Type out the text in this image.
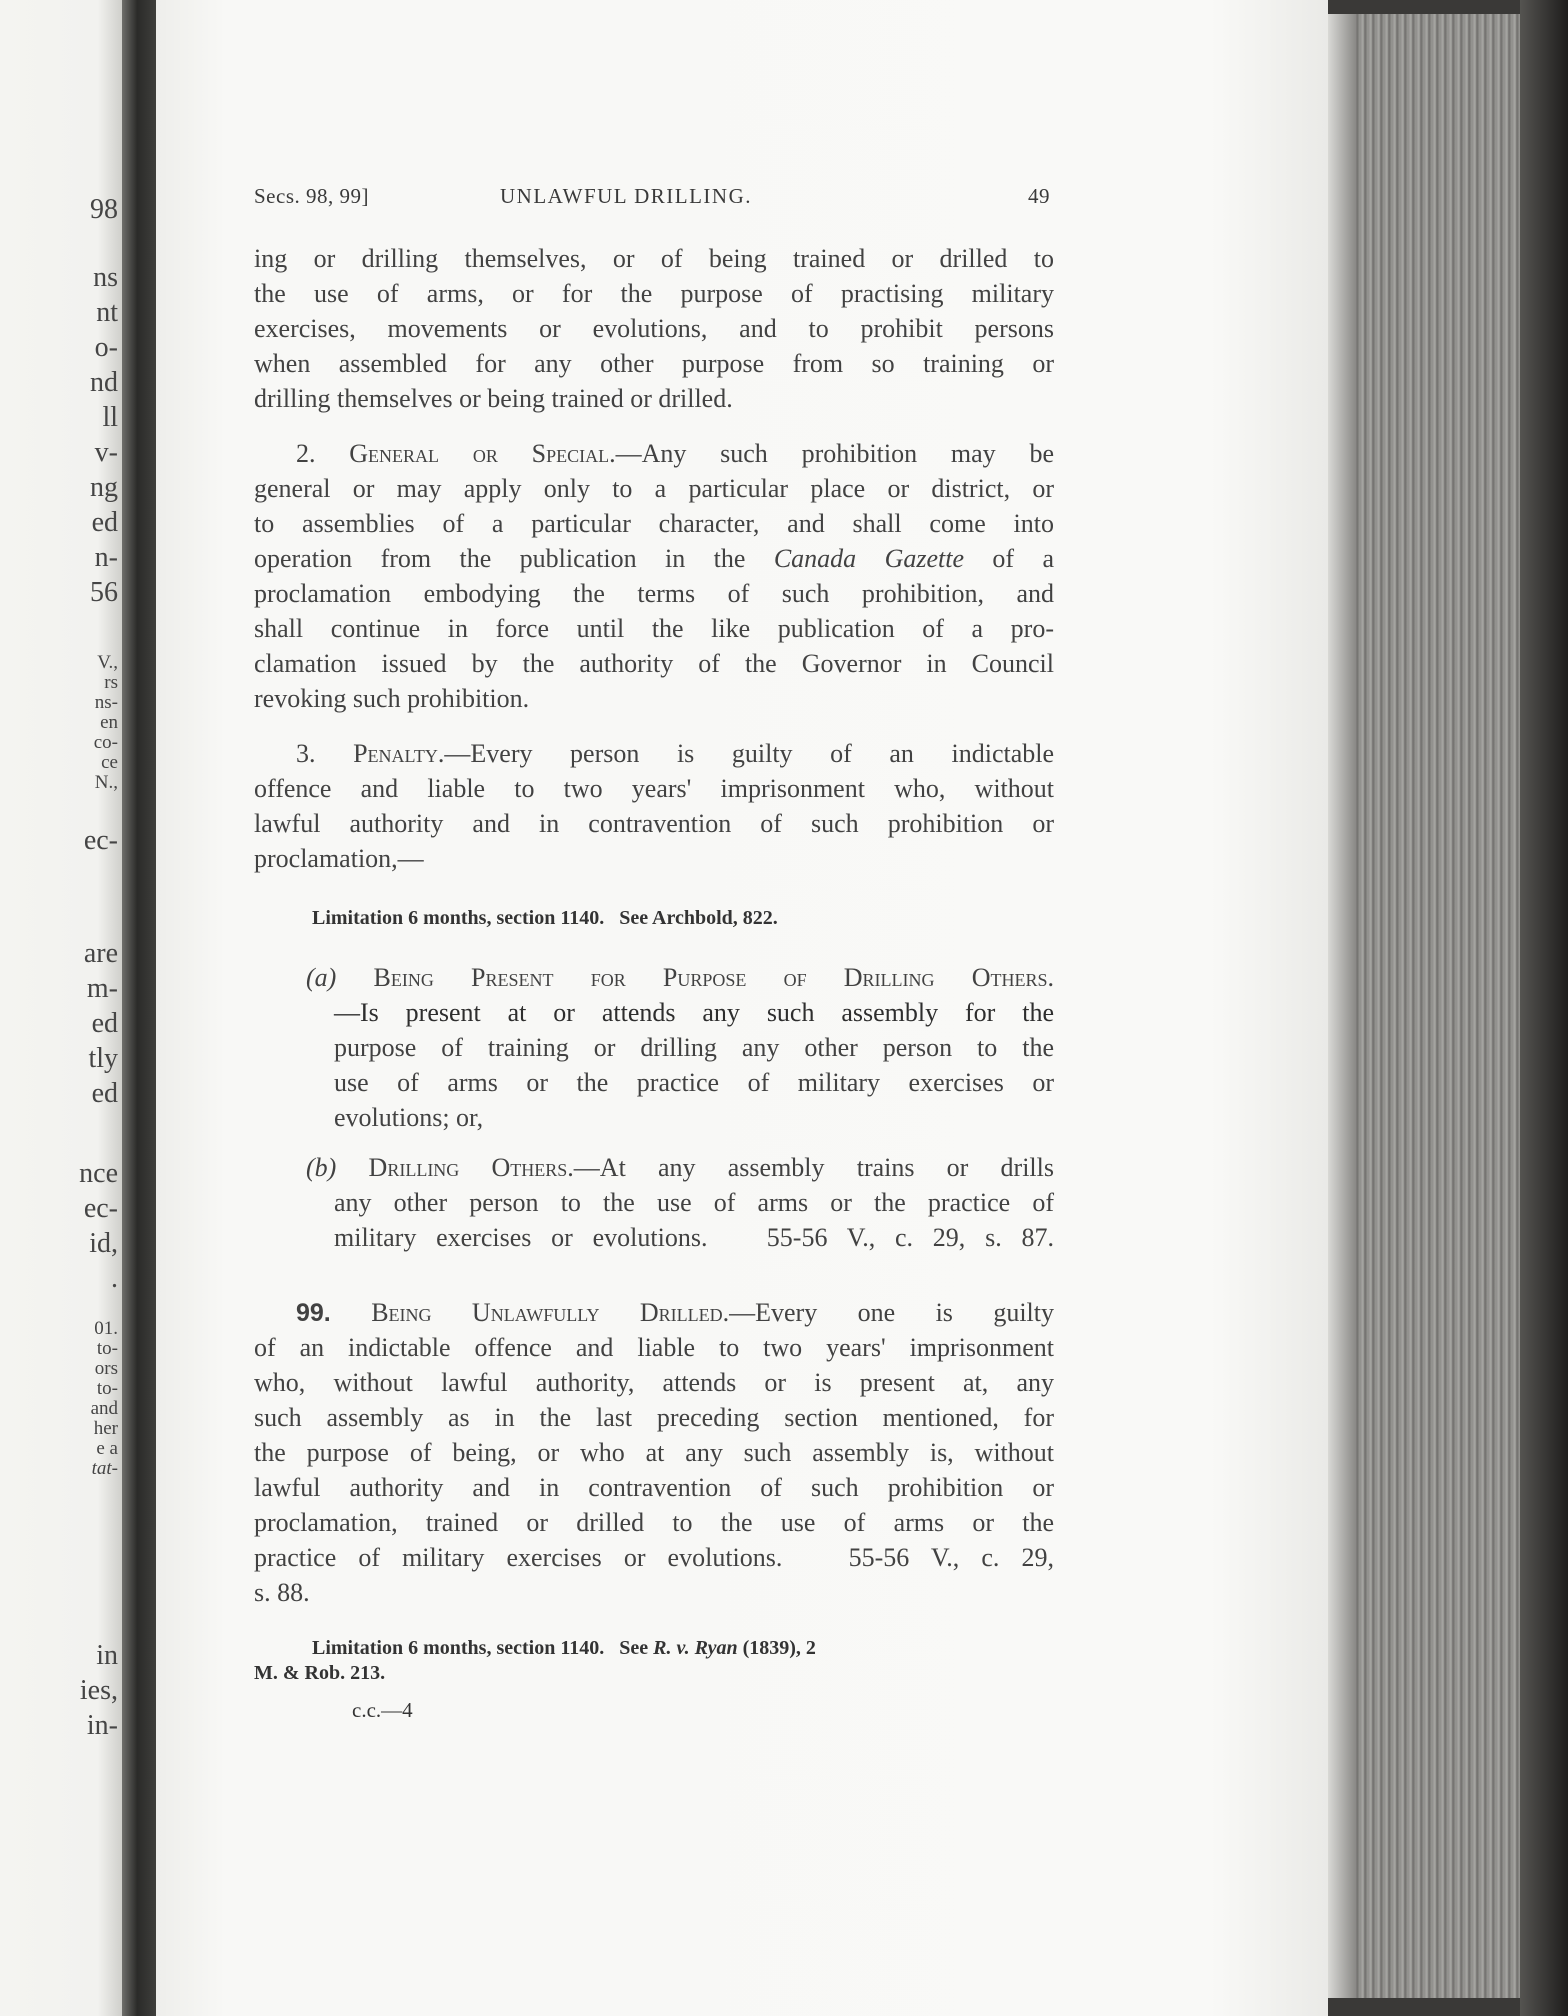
98
ns
nt
o-
nd
ll
v-
ng
ed
n-
56
V.,
rs
ns-
en
co-
ce
N.,
ec-
are
m-
ed
tly
ed
nce
ec-
id,
.
01.
to-
ors
to-
and
her
e a
tat-
in
ies,
in-
Secs. 98, 99]	UNLAWFUL DRILLING.	49
ing or drilling themselves, or of being trained or drilled to
the use of arms, or for the purpose of practising military
exercises, movements or evolutions, and to prohibit persons
when assembled for any other purpose from so training or
drilling themselves or being trained or drilled.
2. General or Special.—Any such prohibition may be
general or may apply only to a particular place or district, or
to assemblies of a particular character, and shall come into
operation from the publication in the Canada Gazette of a
proclamation embodying the terms of such prohibition, and
shall continue in force until the like publication of a pro-
clamation issued by the authority of the Governor in Council
revoking such prohibition.
3. Penalty.—Every person is guilty of an indictable
offence and liable to two years' imprisonment who, without
lawful authority and in contravention of such prohibition or
proclamation,—
Limitation 6 months, section 1140.   See Archbold, 822.
(a) Being Present for Purpose of Drilling Others.
—Is present at or attends any such assembly for the
purpose of training or drilling any other person to the
use of arms or the practice of military exercises or
evolutions; or,
(b) Drilling Others.—At any assembly trains or drills
any other person to the use of arms or the practice of
military exercises or evolutions.   55-56 V., c. 29, s. 87.
99. Being Unlawfully Drilled.—Every one is guilty
of an indictable offence and liable to two years' imprisonment
who, without lawful authority, attends or is present at, any
such assembly as in the last preceding section mentioned, for
the purpose of being, or who at any such assembly is, without
lawful authority and in contravention of such prohibition or
proclamation, trained or drilled to the use of arms or the
practice of military exercises or evolutions.   55-56 V., c. 29,
s. 88.
Limitation 6 months, section 1140.   See R. v. Ryan (1839), 2
M. & Rob. 213.
c.c.—4
